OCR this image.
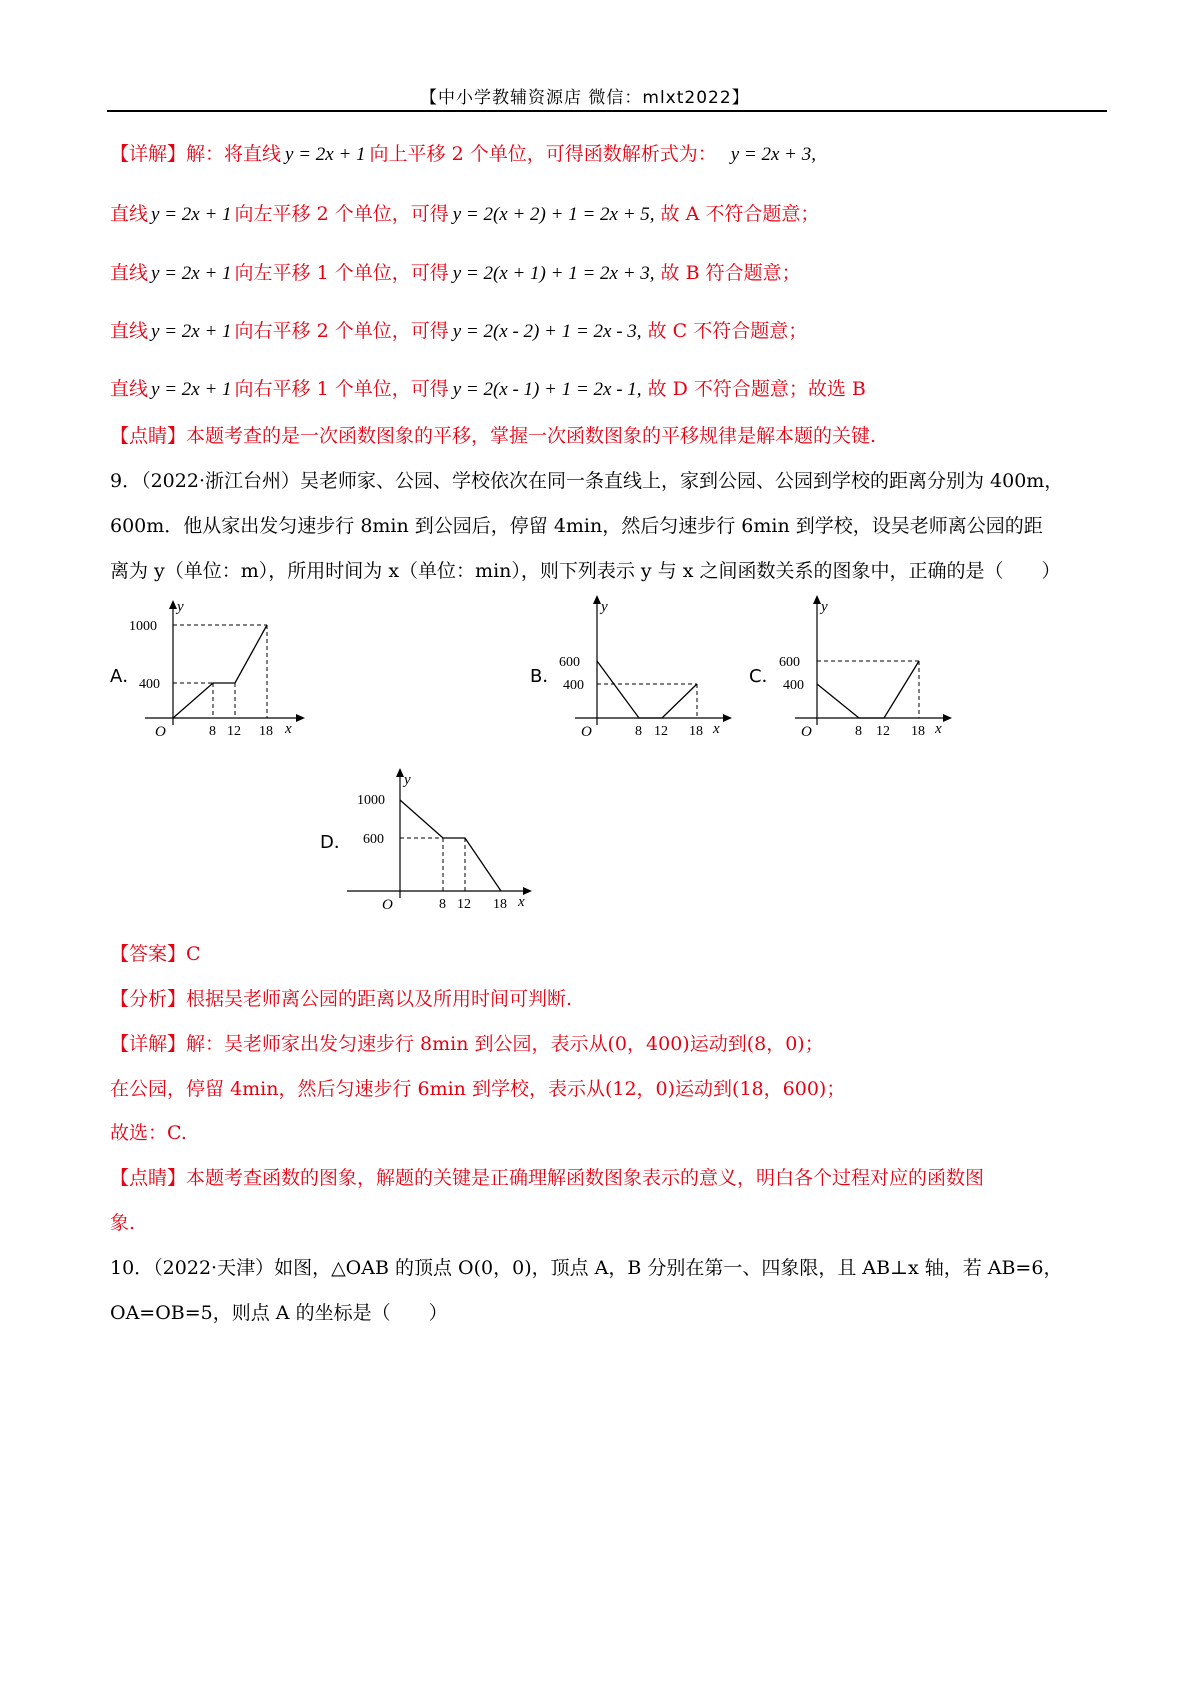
【中小学教辅资源店 微信：mlxt2022】
【详解】解：将直线 y = 2x + 1 向上平移 2 个单位，可得函数解析式为： y = 2x + 3,
直线 y = 2x + 1 向左平移 2 个单位，可得 y = 2(x + 2) + 1 = 2x + 5, 故 A 不符合题意；
直线 y = 2x + 1 向左平移 1 个单位，可得 y = 2(x + 1) + 1 = 2x + 3, 故 B 符合题意；
直线 y = 2x + 1 向右平移 2 个单位，可得 y = 2(x - 2) + 1 = 2x - 3, 故 C 不符合题意；
直线 y = 2x + 1 向右平移 1 个单位，可得 y = 2(x - 1) + 1 = 2x - 1, 故 D 不符合题意；故选 B
【点睛】本题考查的是一次函数图象的平移，掌握一次函数图象的平移规律是解本题的关键.
9．（2022·浙江台州）吴老师家、公园、学校依次在同一条直线上，家到公园、公园到学校的距离分别为 400m，
600m．他从家出发匀速步行 8min 到公园后，停留 4min，然后匀速步行 6min 到学校，设吴老师离公园的距
离为 y（单位：m），所用时间为 x（单位：min），则下列表示 y 与 x 之间函数关系的图象中，正确的是（　　）
A．
1000
400
8 12 18
O	x
y
B．
600
400
8 12 18
O	x
y
C．
600
400
8 12 18
O	x
y
D．
1000
600
8 12 18
O	x
y
【答案】C
【分析】根据吴老师离公园的距离以及所用时间可判断.
【详解】解：吴老师家出发匀速步行 8min 到公园，表示从(0，400)运动到(8，0)；
在公园，停留 4min，然后匀速步行 6min 到学校，表示从(12，0)运动到(18，600)；
故选：C.
【点睛】本题考查函数的图象，解题的关键是正确理解函数图象表示的意义，明白各个过程对应的函数图
象.
10．（2022·天津）如图，△OAB 的顶点 O(0，0)，顶点 A，B 分别在第一、四象限，且 AB⊥x 轴，若 AB=6，
OA=OB=5，则点 A 的坐标是（　　）
